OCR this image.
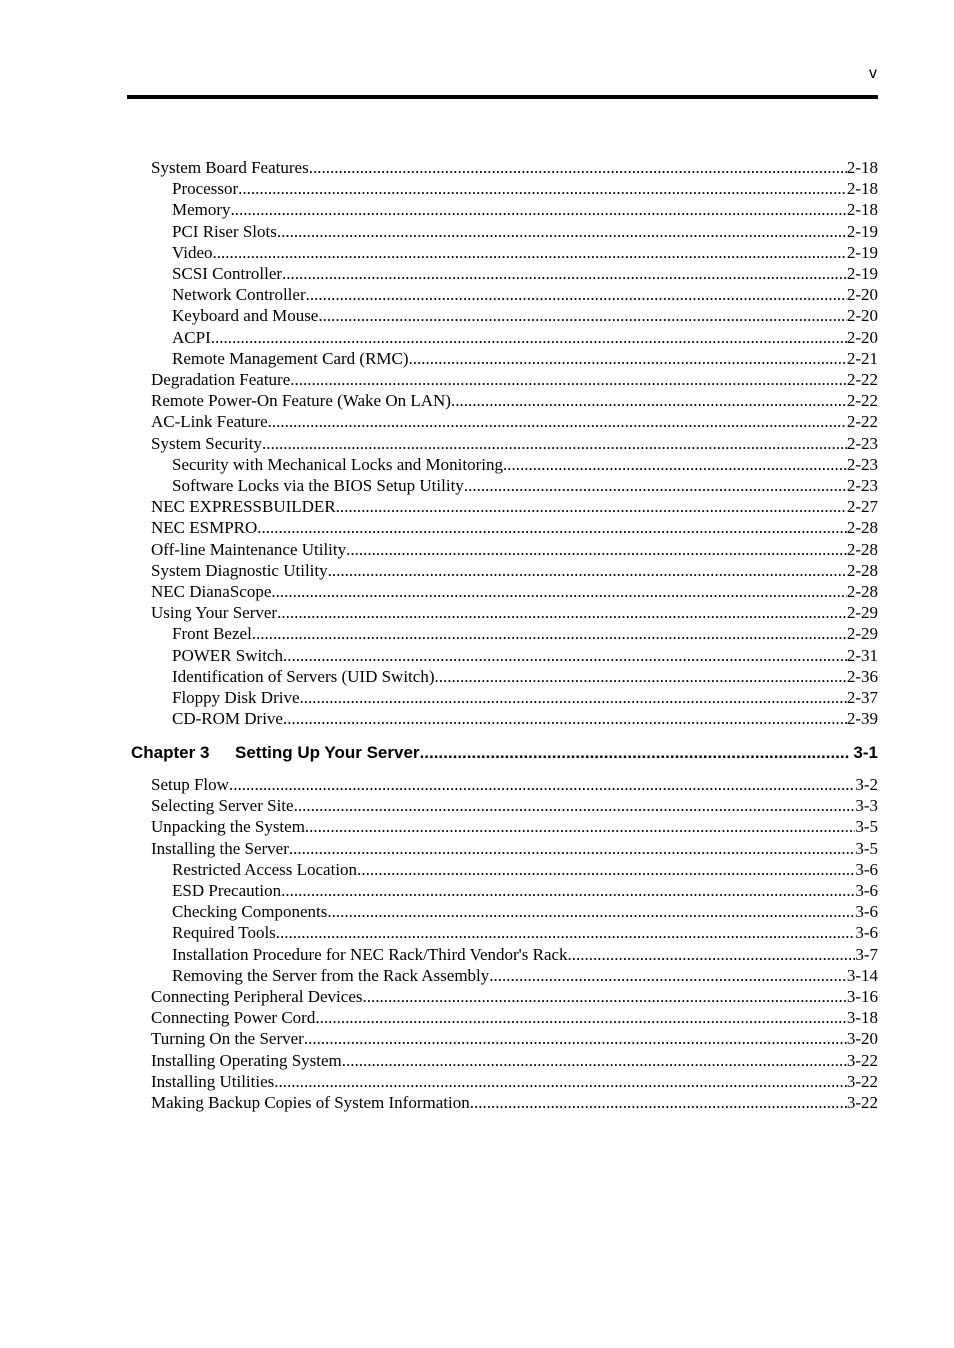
v
Chapter 3	Setting Up Your Server .....	3-1
System Board Features .....	2-18
Processor .....	2-18
Memory .....	2-18
PCI Riser Slots .....	2-19
Video .....	2-19
SCSI Controller .....	2-19
Network Controller .....	2-20
Keyboard and Mouse .....	2-20
ACPI .....	2-20
Remote Management Card (RMC) .....	2-21
Degradation Feature .....	2-22
Remote Power-On Feature (Wake On LAN) .....	2-22
AC-Link Feature .....	2-22
System Security .....	2-23
Security with Mechanical Locks and Monitoring .....	2-23
Software Locks via the BIOS Setup Utility .....	2-23
NEC EXPRESSBUILDER .....	2-27
NEC ESMPRO .....	2-28
Off-line Maintenance Utility .....	2-28
System Diagnostic Utility .....	2-28
NEC DianaScope .....	2-28
Using Your Server .....	2-29
Front Bezel .....	2-29
POWER Switch .....	2-31
Identification of Servers (UID Switch) .....	2-36
Floppy Disk Drive .....	2-37
CD-ROM Drive .....	2-39
Setup Flow .....	3-2
Selecting Server Site .....	3-3
Unpacking the System .....	3-5
Installing the Server .....	3-5
Restricted Access Location .....	3-6
ESD Precaution .....	3-6
Checking Components .....	3-6
Required Tools .....	3-6
Installation Procedure for NEC Rack/Third Vendor's Rack .....	3-7
Removing the Server from the Rack Assembly .....	3-14
Connecting Peripheral Devices .....	3-16
Connecting Power Cord .....	3-18
Turning On the Server .....	3-20
Installing Operating System .....	3-22
Installing Utilities .....	3-22
Making Backup Copies of System Information .....	3-22
